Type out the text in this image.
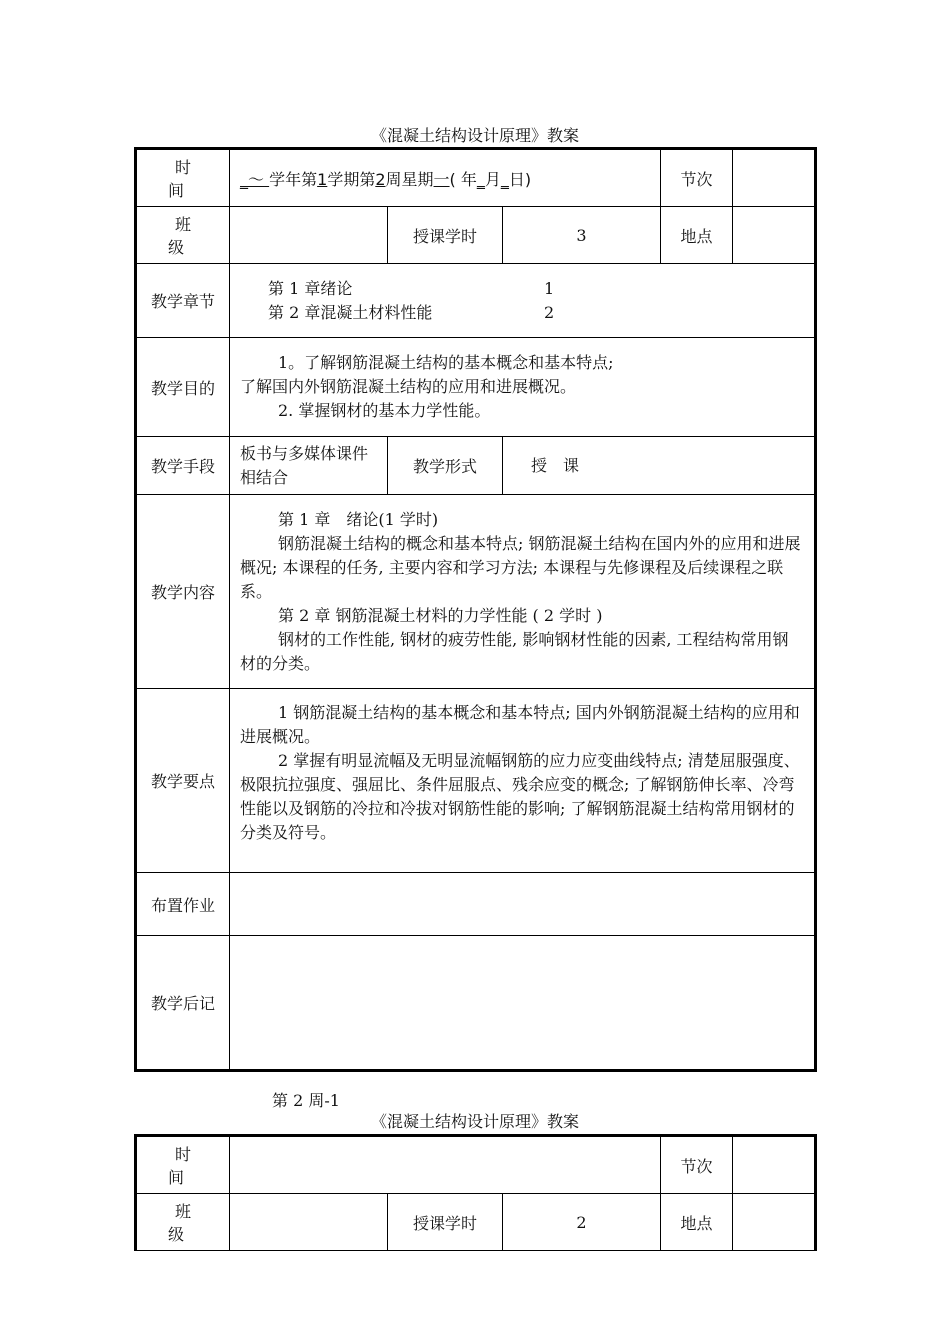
《混凝土结构设计原理》教案
时　间	_～ 学年第1学期第2周星期一( 年_月_日)			节次	
班　级		授课学时	3	地点	
教学章节	第 1 章绪论 1
第 2 章混凝土材料性能 2				

教学目的	1。了解钢筋混凝土结构的基本概念和基本特点;
了解国内外钢筋混凝土结构的应用和进展概况。
2. 掌握钢材的基本力学性能。				

教学手段	板书与多媒体课件相结合	教学形式	授　课		
教学内容	第 1 章　绪论(1 学时)
钢筋混凝土结构的概念和基本特点; 钢筋混凝土结构在国内外的应用和进展概况; 本课程的任务, 主要内容和学习方法; 本课程与先修课程及后续课程之联系。
第 2 章 钢筋混凝土材料的力学性能 ( 2 学时 )
钢材的工作性能, 钢材的疲劳性能, 影响钢材性能的因素, 工程结构常用钢材的分类。				

教学要点	1 钢筋混凝土结构的基本概念和基本特点; 国内外钢筋混凝土结构的应用和进展概况。
2 掌握有明显流幅及无明显流幅钢筋的应力应变曲线特点; 清楚屈服强度、极限抗拉强度、强屈比、条件屈服点、残余应变的概念; 了解钢筋伸长率、冷弯性能以及钢筋的冷拉和冷拔对钢筋性能的影响; 了解钢筋混凝土结构常用钢材的分类及符号。				

布置作业					
教学后记					
第 2 周-1
《混凝土结构设计原理》教案
时　间				节次	
班　级		授课学时	2	地点	
